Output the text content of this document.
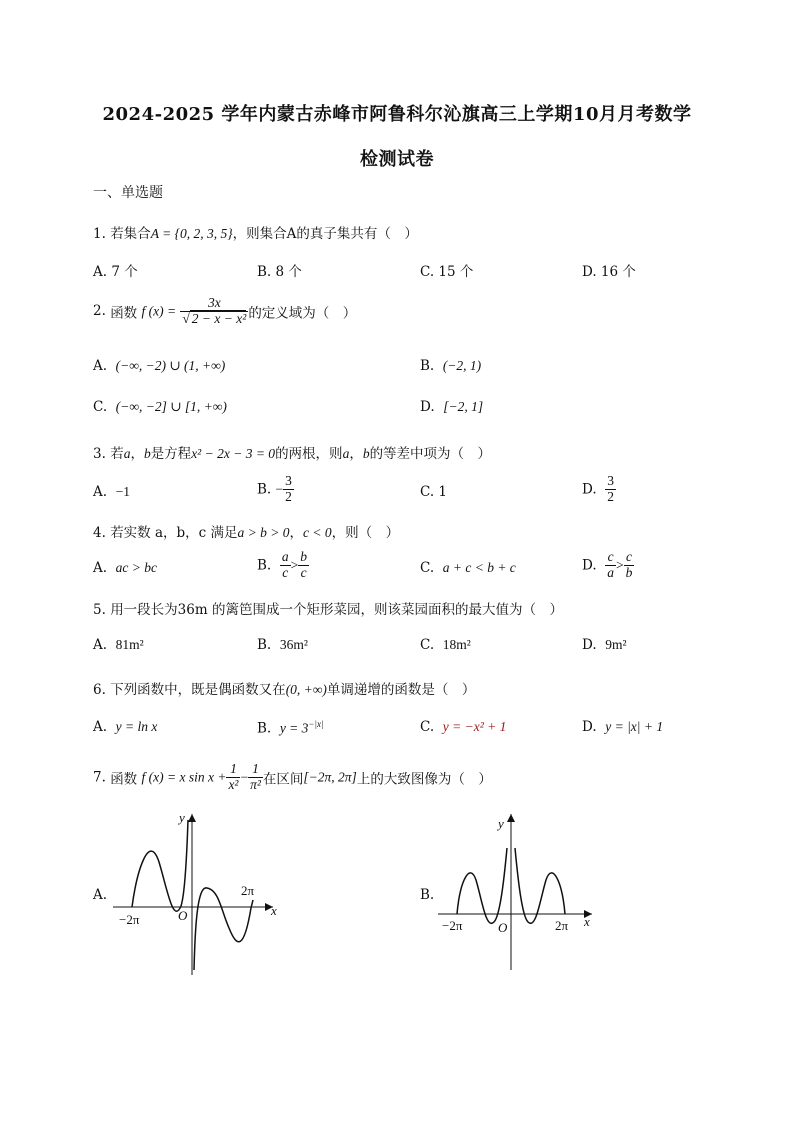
2024-2025 学年内蒙古赤峰市阿鲁科尔沁旗高三上学期10月月考数学
检测试卷
一、单选题
1. 若集合A = {0, 2, 3, 5}，则集合A的真子集共有（　）
A. 7 个	B. 8 个	C. 15 个	D. 16 个
2. 函数 f $(x) = \frac{3x}{\text{√ 2 − x − x²}}$ 的定义域为（　）
A. (−∞, −2) ∪ (1, +∞)	B. (−2, 1)
C. (−∞, −2] ∪ [1, +∞)	D. [−2, 1]
3. 若a，b是方程x² − 2x − 3 = 0的两根，则a，b的等差中项为（　）
A. −1	B. − $\frac{3}{2}$	C. 1	D. $\frac{3}{2}$
4. 若实数 a，b，c 满足a > b > 0，c < 0，则（　）
A. ac > bc	B. $\frac{a}{c} > \frac{b}{c}$	C. a + c < b + c	D. $\frac{c}{a} > \frac{c}{b}$
5. 用一段长为36m 的篱笆围成一个矩形菜园，则该菜园面积的最大值为（　）
A. 81m²	B. 36m²	C. 18m²	D. 9m²
6. 下列函数中，既是偶函数又在(0, +∞)单调递增的函数是（　）
A. y = ln x	B. $y = 3^{-|x|}$	C. y = −x² + 1	D. y = |x| + 1
7. 函数 f (x) = x $\sin x + \frac{1}{\text{x²}} - \frac{1}{\text{π²}}$ 在区间[−2π, 2π]上的大致图像为（　）
A.
−2π
2π
O	x
y
B.
−2π	2π
O	x
y
